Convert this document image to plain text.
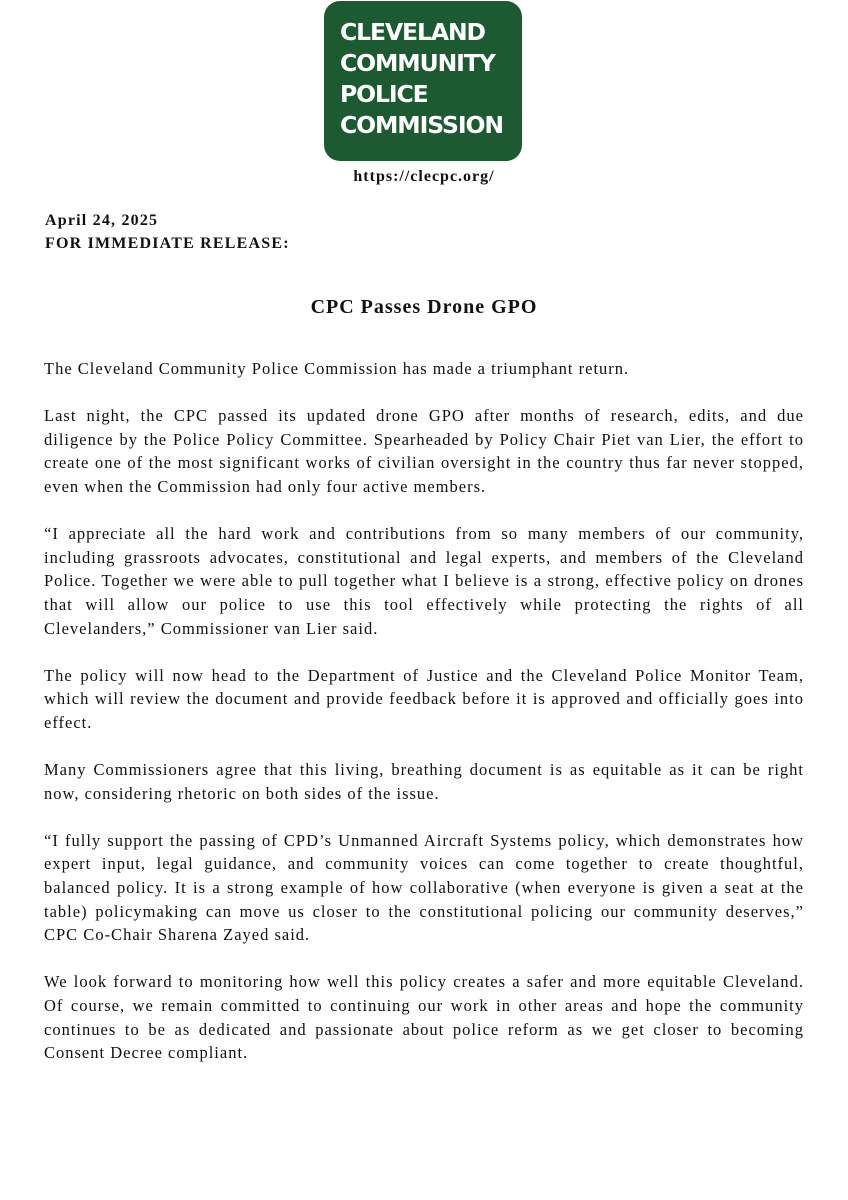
CLEVELAND
COMMUNITY
POLICE
COMMISSION
https://clecpc.org/
April 24, 2025
FOR IMMEDIATE RELEASE:
CPC Passes Drone GPO

The Cleveland Community Police Commission has made a triumphant return.

Last night, the CPC passed its updated drone GPO after months of research, edits, and due diligence by the Police Policy Committee. Spearheaded by Policy Chair Piet van Lier, the effort to create one of the most significant works of civilian oversight in the country thus far never stopped, even when the Commission had only four active members.

“I appreciate all the hard work and contributions from so many members of our community, including grassroots advocates, constitutional and legal experts, and members of the Cleveland Police. Together we were able to pull together what I believe is a strong, effective policy on drones that will allow our police to use this tool effectively while protecting the rights of all Clevelanders,” Commissioner van Lier said.

The policy will now head to the Department of Justice and the Cleveland Police Monitor Team, which will review the document and provide feedback before it is approved and officially goes into effect.

Many Commissioners agree that this living, breathing document is as equitable as it can be right now, considering rhetoric on both sides of the issue.

“I fully support the passing of CPD’s Unmanned Aircraft Systems policy, which demonstrates how expert input, legal guidance, and community voices can come together to create thoughtful, balanced policy. It is a strong example of how collaborative (when everyone is given a seat at the table) policymaking can move us closer to the constitutional policing our community deserves,” CPC Co-Chair Sharena Zayed said.

We look forward to monitoring how well this policy creates a safer and more equitable Cleveland. Of course, we remain committed to continuing our work in other areas and hope the community continues to be as dedicated and passionate about police reform as we get closer to becoming Consent Decree compliant.
